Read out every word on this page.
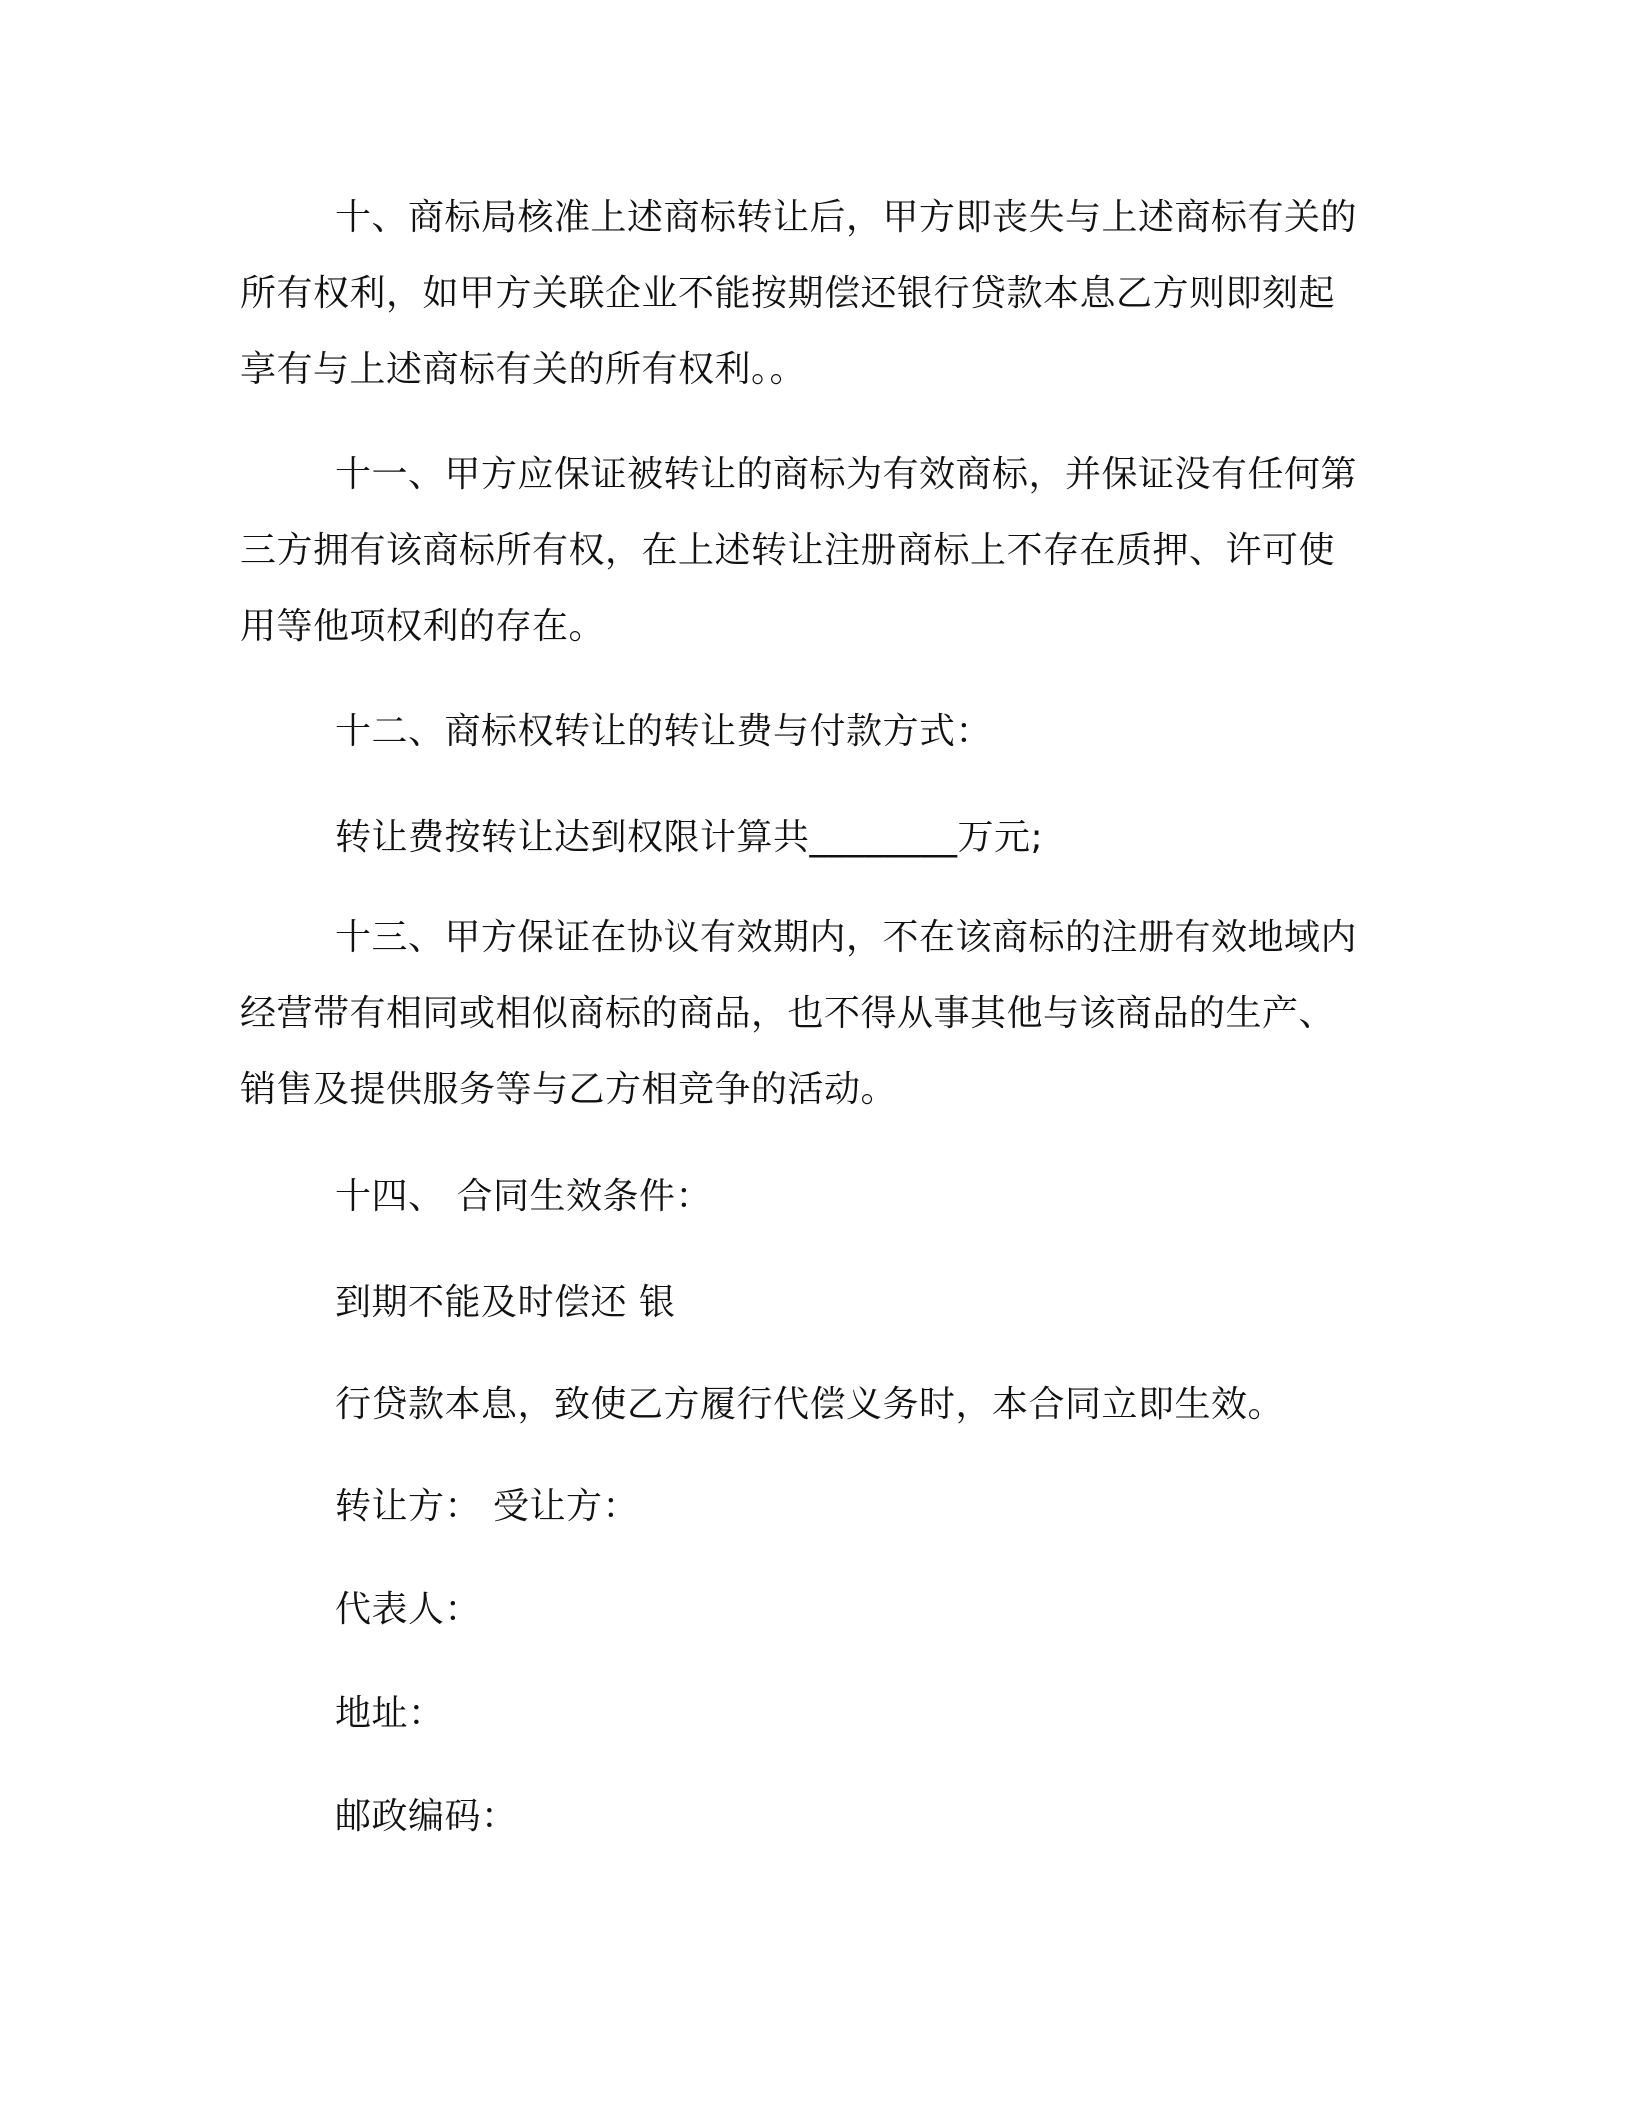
十、商标局核准上述商标转让后，甲方即丧失与上述商标有关的
所有权利，如甲方关联企业不能按期偿还银行贷款本息乙方则即刻起
享有与上述商标有关的所有权利。。
十一、甲方应保证被转让的商标为有效商标，并保证没有任何第
三方拥有该商标所有权，在上述转让注册商标上不存在质押、许可使
用等他项权利的存在。
十二、商标权转让的转让费与付款方式：
转让费按转让达到权限计算共________万元;
十三、甲方保证在协议有效期内，不在该商标的注册有效地域内
经营带有相同或相似商标的商品，也不得从事其他与该商品的生产、
销售及提供服务等与乙方相竞争的活动。
十四、 合同生效条件：
到期不能及时偿还 银
行贷款本息，致使乙方履行代偿义务时，本合同立即生效。
转让方： 受让方：
代表人：
地址：
邮政编码：
